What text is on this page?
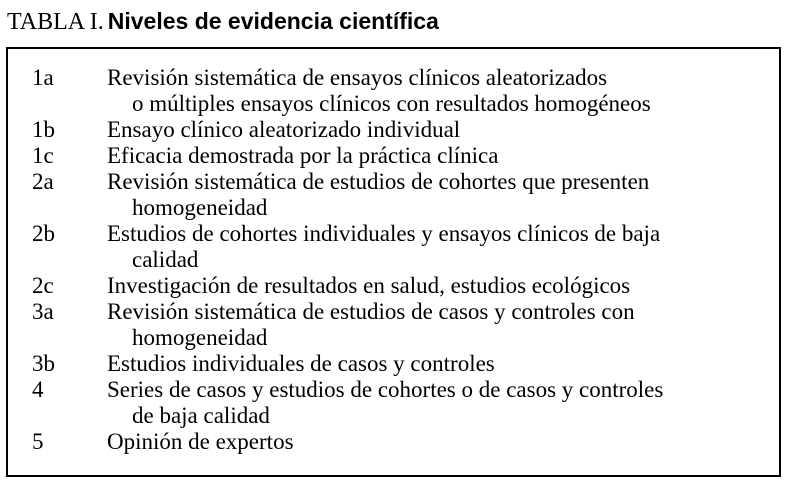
TABLA I. Niveles de evidencia científica
1a	Revisión sistemática de ensayos clínicos aleatorizados
o múltiples ensayos clínicos con resultados homogéneos
1b	Ensayo clínico aleatorizado individual
1c	Eficacia demostrada por la práctica clínica
2a	Revisión sistemática de estudios de cohortes que presenten
homogeneidad
2b	Estudios de cohortes individuales y ensayos clínicos de baja
calidad
2c	Investigación de resultados en salud, estudios ecológicos
3a	Revisión sistemática de estudios de casos y controles con
homogeneidad
3b	Estudios individuales de casos y controles
4	Series de casos y estudios de cohortes o de casos y controles
de baja calidad
5	Opinión de expertos
